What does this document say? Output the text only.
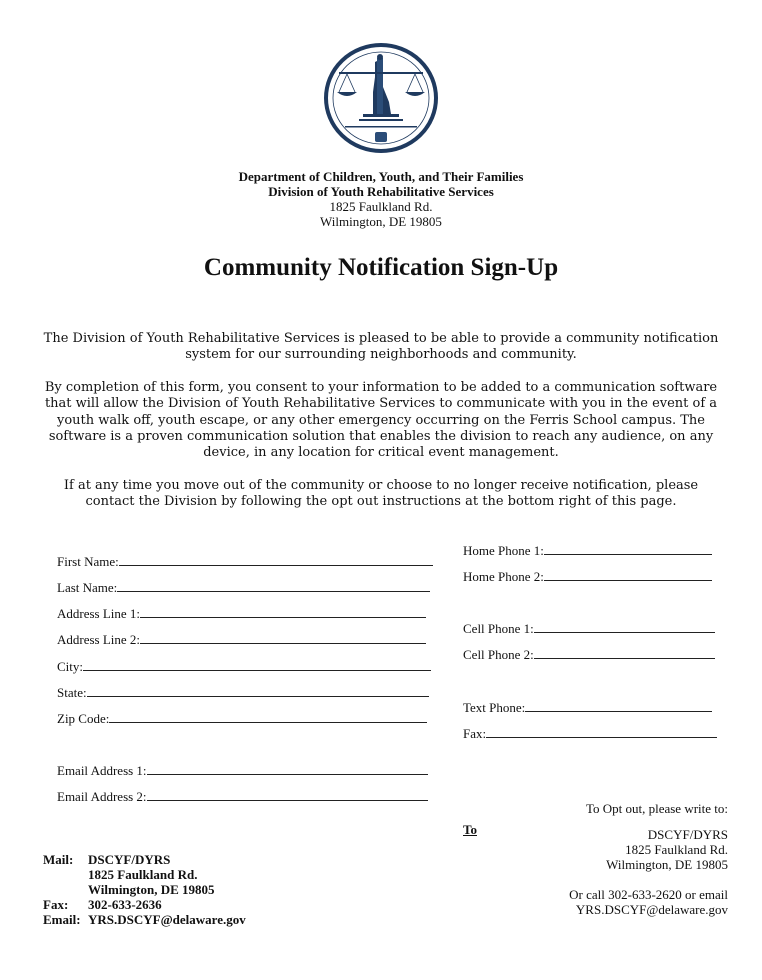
Department of Children, Youth, and Their Families
Division of Youth Rehabilitative Services
1825 Faulkland Rd.
Wilmington, DE 19805
Community Notification Sign-Up
The Division of Youth Rehabilitative Services is pleased to be able to provide a community notification system for our surrounding neighborhoods and community.
By completion of this form, you consent to your information to be added to a communication software that will allow the Division of Youth Rehabilitative Services to communicate with you in the event of a youth walk off, youth escape, or any other emergency occurring on the Ferris School campus. The software is a proven communication solution that enables the division to reach any audience, on any device, in any location for critical event management.
If at any time you move out of the community or choose to no longer receive notification, please contact the Division by following the opt out instructions at the bottom right of this page.
First Name:
Last Name:
Address Line 1:
Address Line 2:
City:
State:
Zip Code:
Email Address 1:
Email Address 2:
Home Phone 1:
Home Phone 2:
Cell Phone 1:
Cell Phone 2:
Text Phone:
Fax:
To Opt out, please write to:
To	DSCYF/DYRS
1825 Faulkland Rd.
Wilmington, DE 19805
Or call 302-633-2620 or email
YRS.DSCYF@delaware.gov
Mail:	DSCYF/DYRS
1825 Faulkland Rd.
Wilmington, DE 19805
Fax:	302-633-2636
Email: YRS.DSCYF@delaware.gov
